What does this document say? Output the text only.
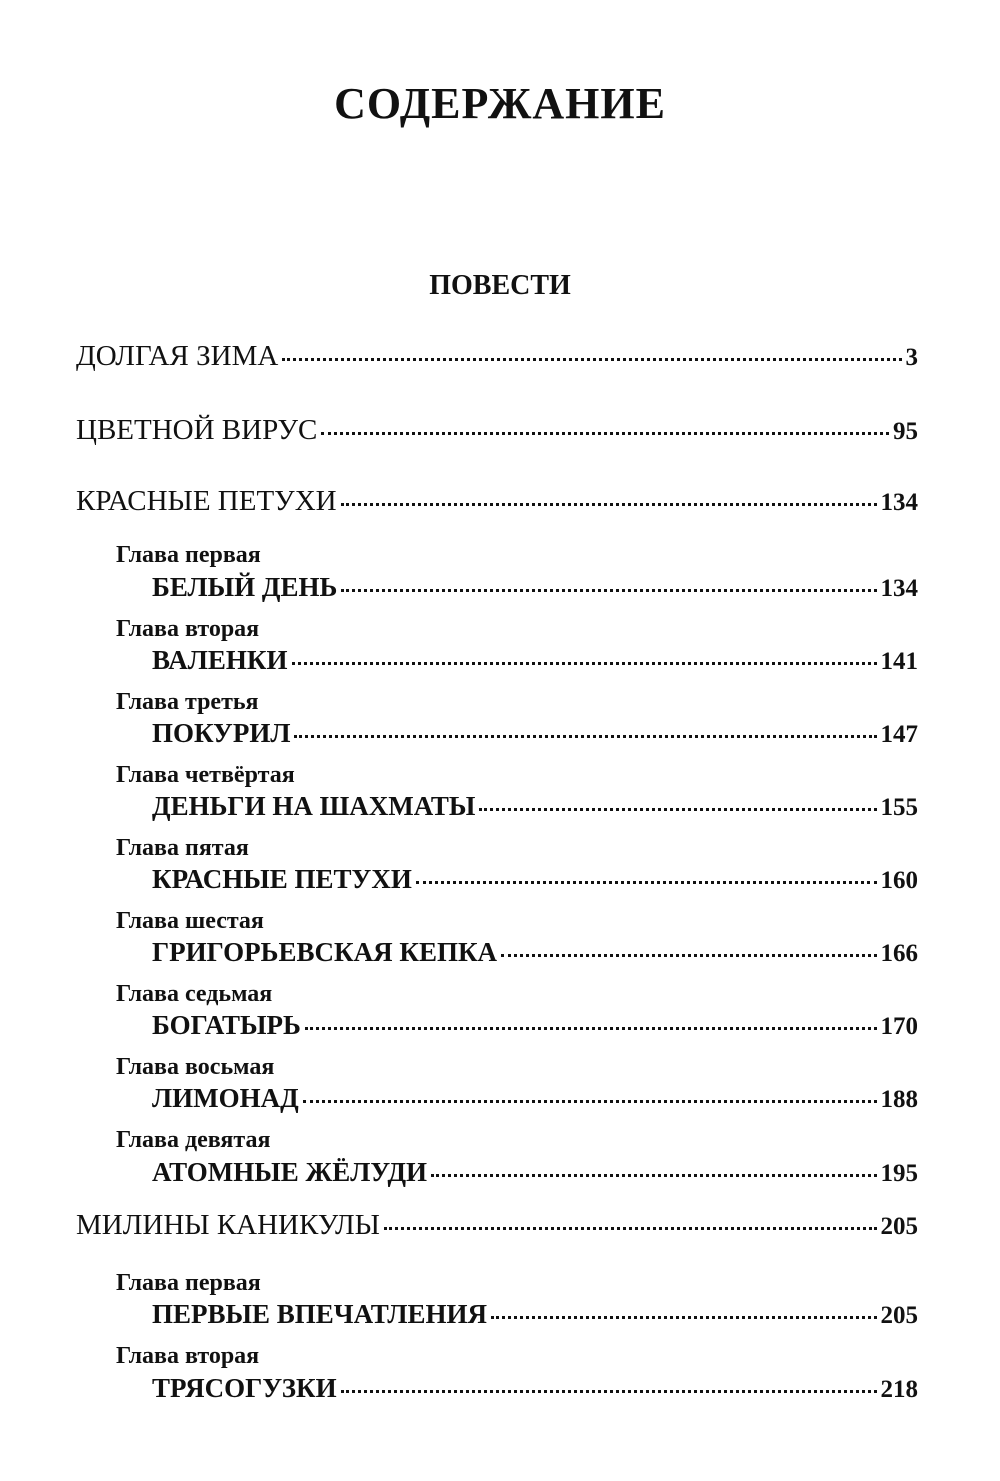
СОДЕРЖАНИЕ
ПОВЕСТИ
ДОЛГАЯ ЗИМА	3
ЦВЕТНОЙ ВИРУС	95
КРАСНЫЕ ПЕТУХИ	134
Глава первая
БЕЛЫЙ ДЕНЬ	134
Глава вторая
ВАЛЕНКИ	141
Глава третья
ПОКУРИЛ	147
Глава четвёртая
ДЕНЬГИ НА ШАХМАТЫ	155
Глава пятая
КРАСНЫЕ ПЕТУХИ	160
Глава шестая
ГРИГОРЬЕВСКАЯ КЕПКА	166
Глава седьмая
БОГАТЫРЬ	170
Глава восьмая
ЛИМОНАД	188
Глава девятая
АТОМНЫЕ ЖЁЛУДИ	195
МИЛИНЫ КАНИКУЛЫ	205
Глава первая
ПЕРВЫЕ ВПЕЧАТЛЕНИЯ	205
Глава вторая
ТРЯСОГУЗКИ	218
